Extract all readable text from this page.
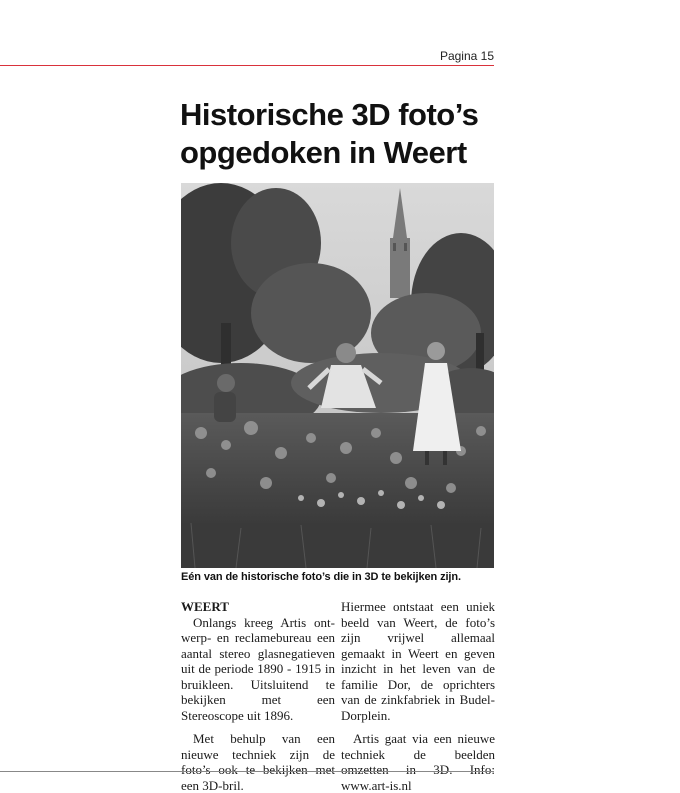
Pagina 15
Historische 3D foto’s
opgedoken in Weert
Eén van de historische foto’s die in 3D te bekijken zijn.

WEERT
Onlangs kreeg Artis ontwerp- en reclamebureau een aantal stereo glasnegatieven uit de periode 1890 - 1915 in bruikleen. Uitsluitend te bekijken met een Stereoscope uit 1896.

Met behulp van een nieuwe techniek zijn de foto’s ook te bekijken met een 3D-bril.

Hiermee ontstaat een uniek beeld van Weert, de foto’s zijn vrijwel allemaal gemaakt in Weert en geven inzicht in het leven van de familie Dor, de oprichters van de zinkfabriek in Budel-Dorplein.

Artis gaat via een nieuwe techniek de beelden omzetten in 3D. Info: www.art-is.nl
